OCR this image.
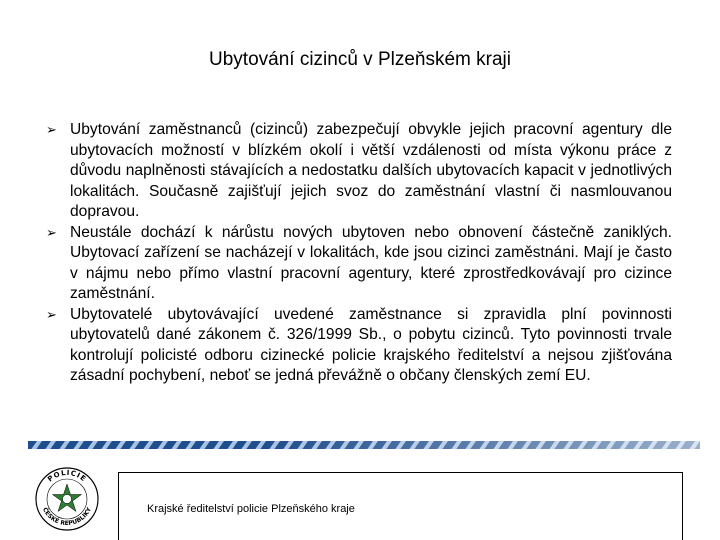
Ubytování cizinců v Plzeňském kraji
➢ Ubytování zaměstnanců (cizinců) zabezpečují obvykle jejich pracovní agentury dle ubytovacích možností v blízkém okolí i větší vzdálenosti od místa výkonu práce z důvodu naplněnosti stávajících a nedostatku dalších ubytovacích kapacit v jednotlivých lokalitách. Současně zajišťují jejich svoz do zaměstnání vlastní či nasmlouvanou dopravou.
➢ Neustále dochází k nárůstu nových ubytoven nebo obnovení částečně zaniklých. Ubytovací zařízení se nacházejí v lokalitách, kde jsou cizinci zaměstnáni. Mají je často v nájmu nebo přímo vlastní pracovní agentury, které zprostředkovávají pro cizince zaměstnání.
➢ Ubytovatelé ubytovávající uvedené zaměstnance si zpravidla plní povinnosti ubytovatelů dané zákonem č. 326/1999 Sb., o pobytu cizinců. Tyto povinnosti trvale kontrolují policisté odboru cizinecké policie krajského ředitelství a nejsou zjišťována zásadní pochybení, neboť se jedná převážně o občany členských zemí EU.
POLICIE
ČESKÉ REPUBLIKY	Krajské ředitelství policie Plzeňského kraje
